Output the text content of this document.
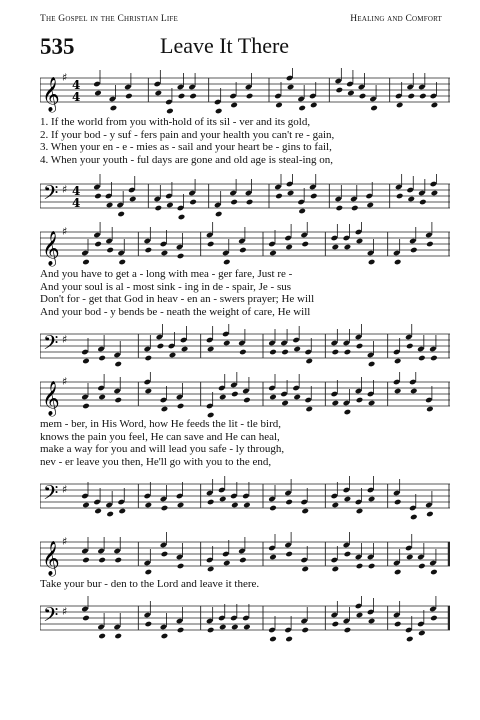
The Gospel in the Christian Life	Healing and Comfort
535	Leave It There
𝄞 ♯
4
4
1. If the world from you with-hold of its sil - ver and its gold,
2. If your bod - y suf - fers pain and your health you can't re - gain,
3. When your en - e - mies as - sail and your heart be - gins to fail,
4. When your youth - ful days are gone and old age is steal-ing on,
𝄢 ♯ 4
4
𝄞 ♯
And you have to get a - long with mea - ger fare, Just re -
And your soul is al - most sink - ing in de - spair, Je - sus
Don't for - get that God in heav - en an - swers prayer; He will
And your bod - y bends be - neath the weight of care, He will
𝄢 ♯
𝄞 ♯
mem - ber, in His Word, how He feeds the lit - tle bird,
knows the pain you feel, He can save and He can heal,
make a way for you and will lead you safe - ly through,
nev - er leave you then, He'll go with you to the end,
𝄢 ♯
𝄞 ♯
Take your bur - den to the Lord and leave it there.
𝄢 ♯
